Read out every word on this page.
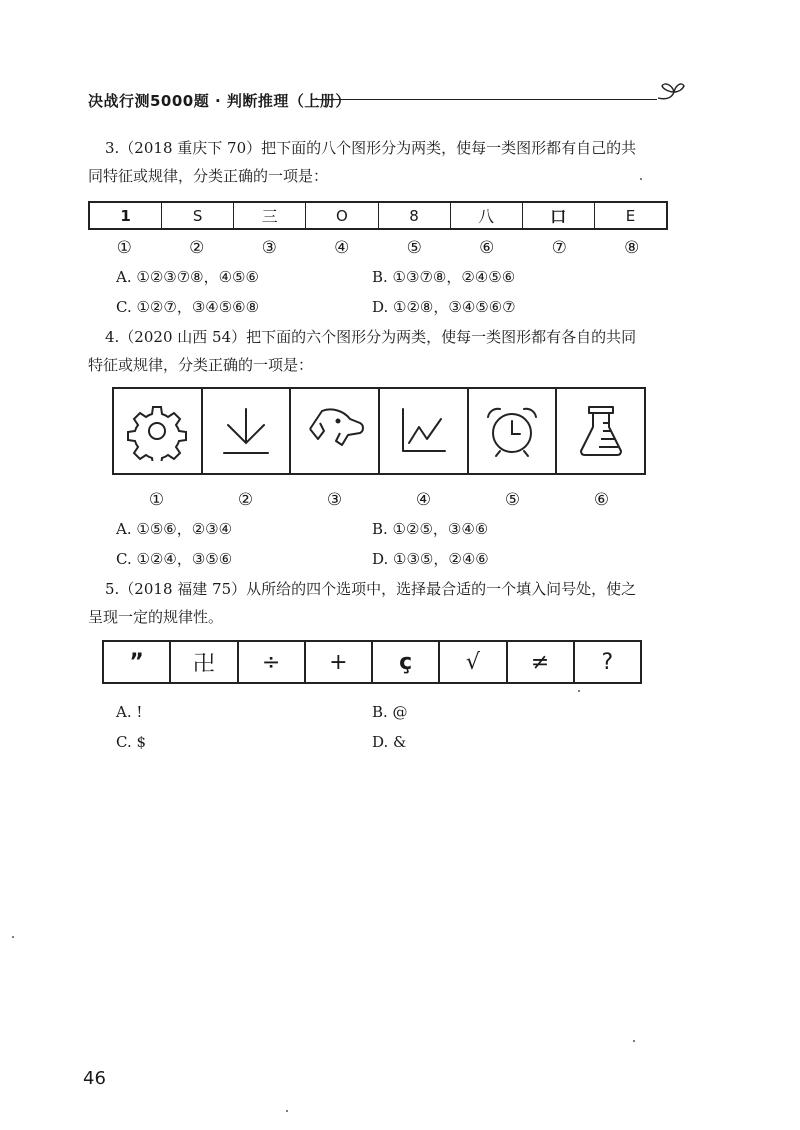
决战行测5000题 · 判断推理（上册）
3.（2018 重庆下 70）把下面的八个图形分为两类，使每一类图形都有自己的共
同特征或规律，分类正确的一项是：
1	S	三	O	8	八	口	E
①	②	③	④	⑤	⑥	⑦	⑧
A. ①②③⑦⑧，④⑤⑥	B. ①③⑦⑧，②④⑤⑥
C. ①②⑦，③④⑤⑥⑧	D. ①②⑧，③④⑤⑥⑦
4.（2020 山西 54）把下面的六个图形分为两类，使每一类图形都有各自的共同
特征或规律，分类正确的一项是：
①	②	③	④	⑤	⑥
A. ①⑤⑥，②③④	B. ①②⑤，③④⑥
C. ①②④，③⑤⑥	D. ①③⑤，②④⑥
5.（2018 福建 75）从所给的四个选项中，选择最合适的一个填入问号处，使之
呈现一定的规律性。
”	卍	÷	+	ç	√	≠	?
A. !	B. @
C. $	D. &
46
